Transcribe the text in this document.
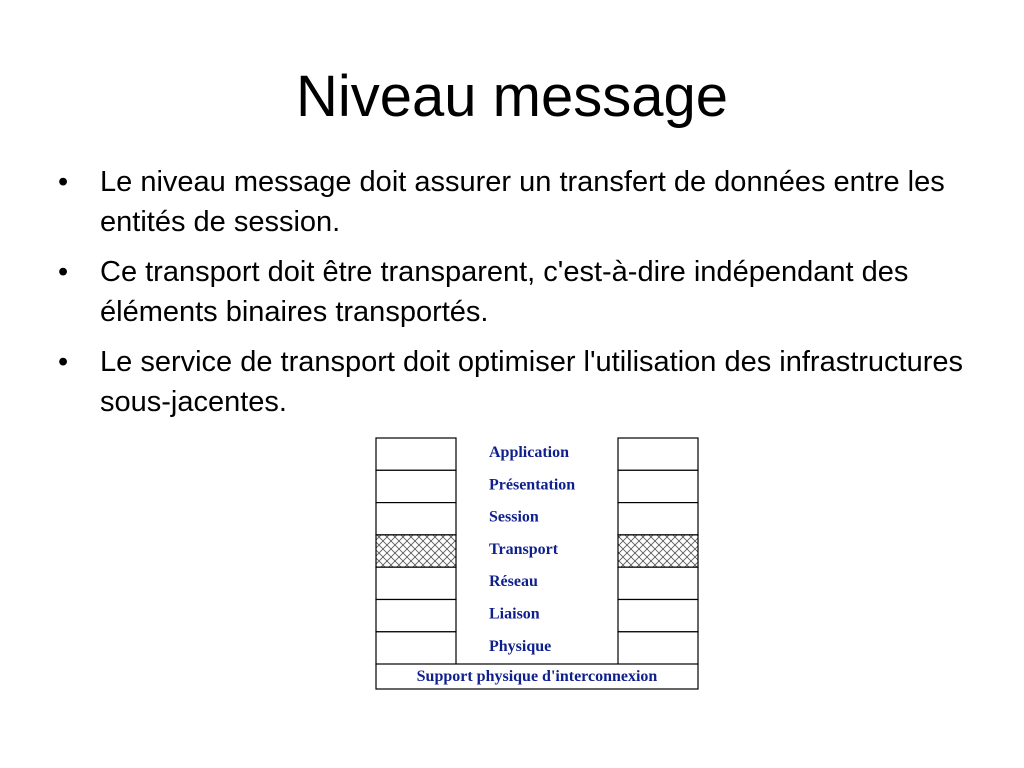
Niveau message
• Le niveau message doit assurer un transfert de données entre les entités de session.
• Ce transport doit être transparent, c'est-à-dire indépendant des éléments binaires transportés.
• Le service de transport doit optimiser l'utilisation des infrastructures sous-jacentes.
Application
Présentation
Session
Transport
Réseau
Liaison
Physique
Support physique d'interconnexion
